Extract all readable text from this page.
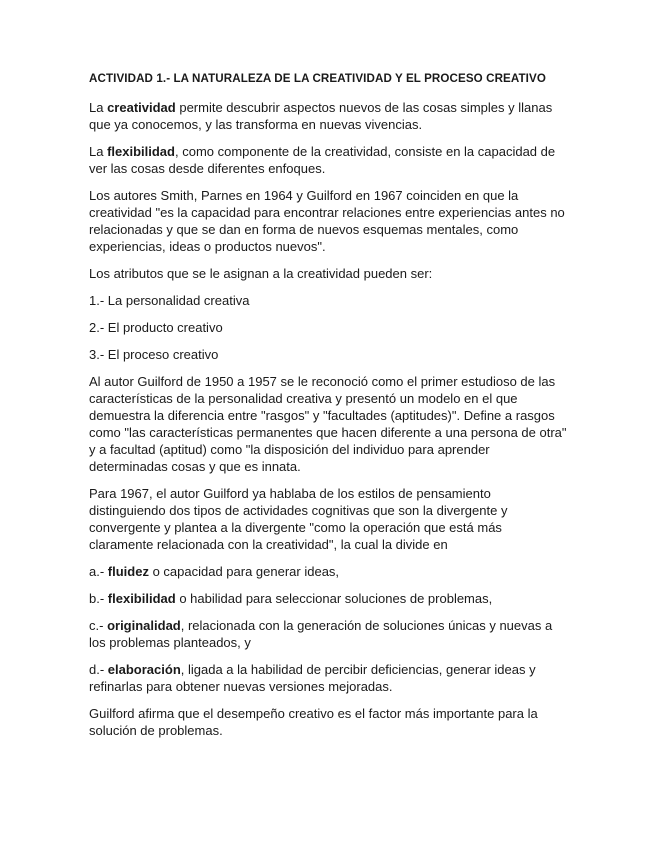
ACTIVIDAD 1.- LA NATURALEZA DE LA CREATIVIDAD Y EL PROCESO CREATIVO

La creatividad permite descubrir aspectos nuevos de las cosas simples y llanas que ya conocemos, y las transforma en nuevas vivencias.

La flexibilidad, como componente de la creatividad, consiste en la capacidad de ver las cosas desde diferentes enfoques.

Los autores Smith, Parnes en 1964 y Guilford en 1967 coinciden en que la creatividad "es la capacidad para encontrar relaciones entre experiencias antes no relacionadas y que se dan en forma de nuevos esquemas mentales, como experiencias, ideas o productos nuevos".

Los atributos que se le asignan a la creatividad pueden ser:

1.- La personalidad creativa

2.- El producto creativo

3.- El proceso creativo

Al autor Guilford de 1950 a 1957 se le reconoció como el primer estudioso de las características de la personalidad creativa y presentó un modelo en el que demuestra la diferencia entre "rasgos" y "facultades (aptitudes)". Define a rasgos como "las características permanentes que hacen diferente a una persona de otra" y a facultad (aptitud) como "la disposición del individuo para aprender determinadas cosas y que es innata.

Para 1967, el autor Guilford ya hablaba de los estilos de pensamiento distinguiendo dos tipos de actividades cognitivas que son la divergente y convergente y plantea a la divergente "como la operación que está más claramente relacionada con la creatividad", la cual la divide en

a.- fluidez o capacidad para generar ideas,

b.- flexibilidad o habilidad para seleccionar soluciones de problemas,

c.- originalidad, relacionada con la generación de soluciones únicas y nuevas a los problemas planteados, y

d.- elaboración, ligada a la habilidad de percibir deficiencias, generar ideas y refinarlas para obtener nuevas versiones mejoradas.

Guilford afirma que el desempeño creativo es el factor más importante para la solución de problemas.
